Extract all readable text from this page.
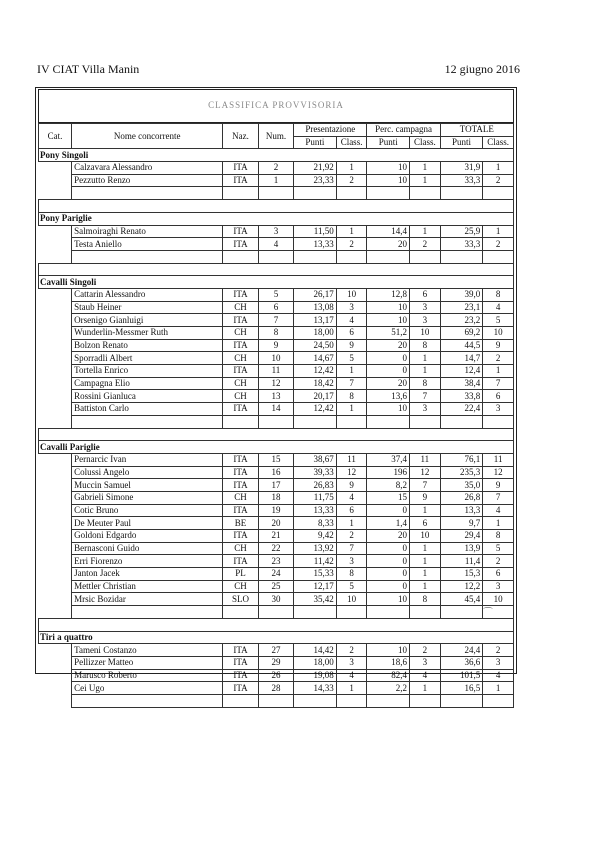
IV CIAT Villa Manin	12 giugno 2016
CLASSIFICA PROVVISORIA
Cat.	Nome concorrente	Naz.	Num.	Presentazione		Perc. campagna		TOTALE	
				Punti	Class.	Punti	Class.	Punti	Class.
Pony Singoli									
	Calzavara Alessandro	ITA	2	21,92	1	10	1	31,9	1
	Pezzutto Renzo	ITA	1	23,33	2	10	1	33,3	2

Pony Pariglie									
	Salmoiraghi Renato	ITA	3	11,50	1	14,4	1	25,9	1
	Testa Aniello	ITA	4	13,33	2	20	2	33,3	2

Cavalli Singoli									
	Cattarin Alessandro	ITA	5	26,17	10	12,8	6	39,0	8
	Staub Heiner	CH	6	13,08	3	10	3	23,1	4
	Orsenigo Gianluigi	ITA	7	13,17	4	10	3	23,2	5
	Wunderlin-Messmer Ruth	CH	8	18,00	6	51,2	10	69,2	10
	Bolzon Renato	ITA	9	24,50	9	20	8	44,5	9
	Sporradli Albert	CH	10	14,67	5	0	1	14,7	2
	Tortella Enrico	ITA	11	12,42	1	0	1	12,4	1
	Campagna Elio	CH	12	18,42	7	20	8	38,4	7
	Rossini Gianluca	CH	13	20,17	8	13,6	7	33,8	6
	Battiston Carlo	ITA	14	12,42	1	10	3	22,4	3

Cavalli Pariglie									
	Pernarcic Ivan	ITA	15	38,67	11	37,4	11	76,1	11
	Colussi Angelo	ITA	16	39,33	12	196	12	235,3	12
	Muccin Samuel	ITA	17	26,83	9	8,2	7	35,0	9
	Gabrieli Simone	CH	18	11,75	4	15	9	26,8	7
	Cotic Bruno	ITA	19	13,33	6	0	1	13,3	4
	De Meuter Paul	BE	20	8,33	1	1,4	6	9,7	1
	Goldoni Edgardo	ITA	21	9,42	2	20	10	29,4	8
	Bernasconi Guido	CH	22	13,92	7	0	1	13,9	5
	Erri Fiorenzo	ITA	23	11,42	3	0	1	11,4	2
	Janton Jacek	PL	24	15,33	8	0	1	15,3	6
	Mettler Christian	CH	25	12,17	5	0	1	12,2	3
	Mrsic Bozidar	SLO	30	35,42	10	10	8	45,4	10

Tiri a quattro									
	Tameni Costanzo	ITA	27	14,42	2	10	2	24,4	2
	Pellizzer Matteo	ITA	29	18,00	3	18,6	3	36,6	3
	Marusco Roberto	ITA	26	19,08	4	82,4	4	101,5	4
	Cei Ugo	ITA	28	14,33	1	2,2	1	16,5	1

⌒
